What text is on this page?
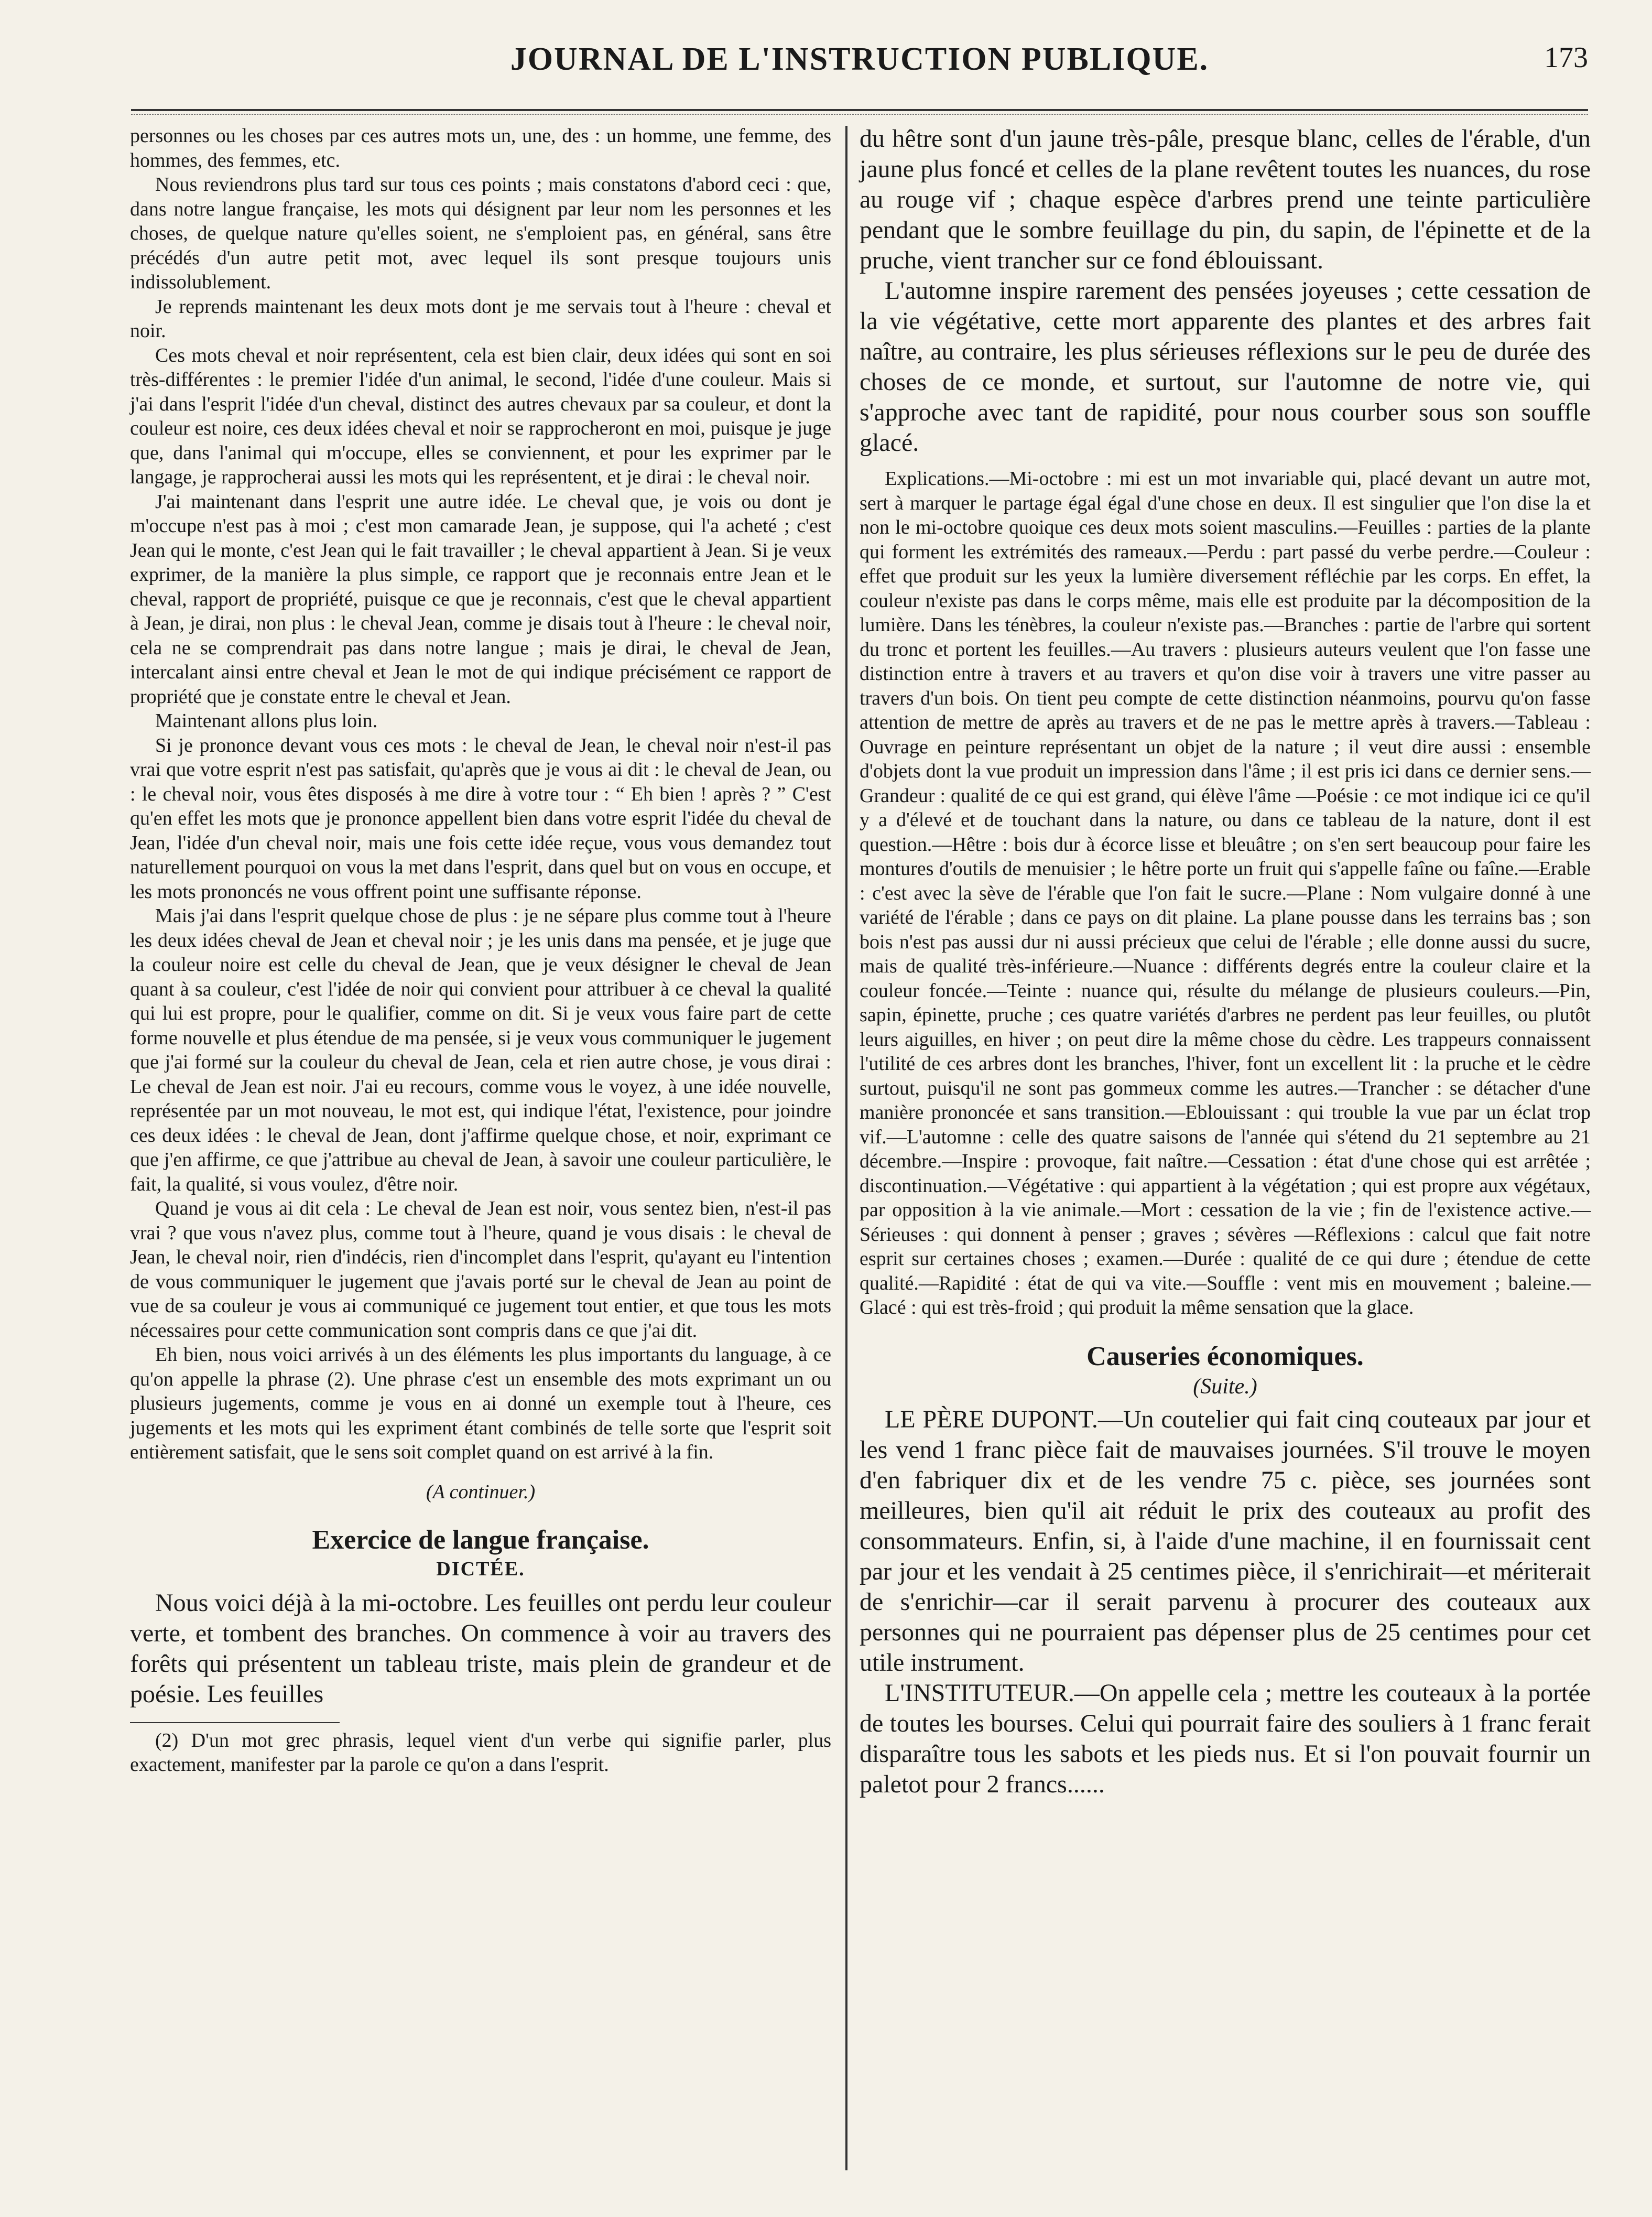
JOURNAL DE L'INSTRUCTION PUBLIQUE.	173

personnes ou les choses par ces autres mots un, une, des : un homme, une femme, des hommes, des femmes, etc.

Nous reviendrons plus tard sur tous ces points ; mais constatons d'abord ceci : que, dans notre langue française, les mots qui désignent par leur nom les personnes et les choses, de quelque nature qu'elles soient, ne s'emploient pas, en général, sans être précédés d'un autre petit mot, avec lequel ils sont presque toujours unis indissolublement.

Je reprends maintenant les deux mots dont je me servais tout à l'heure : cheval et noir.

Ces mots cheval et noir représentent, cela est bien clair, deux idées qui sont en soi très-différentes : le premier l'idée d'un animal, le second, l'idée d'une couleur. Mais si j'ai dans l'esprit l'idée d'un cheval, distinct des autres chevaux par sa couleur, et dont la couleur est noire, ces deux idées cheval et noir se rapprocheront en moi, puisque je juge que, dans l'animal qui m'occupe, elles se conviennent, et pour les exprimer par le langage, je rapprocherai aussi les mots qui les représentent, et je dirai : le cheval noir.

J'ai maintenant dans l'esprit une autre idée. Le cheval que, je vois ou dont je m'occupe n'est pas à moi ; c'est mon camarade Jean, je suppose, qui l'a acheté ; c'est Jean qui le monte, c'est Jean qui le fait travailler ; le cheval appartient à Jean. Si je veux exprimer, de la manière la plus simple, ce rapport que je reconnais entre Jean et le cheval, rapport de propriété, puisque ce que je reconnais, c'est que le cheval appartient à Jean, je dirai, non plus : le cheval Jean, comme je disais tout à l'heure : le cheval noir, cela ne se comprendrait pas dans notre langue ; mais je dirai, le cheval de Jean, intercalant ainsi entre cheval et Jean le mot de qui indique précisément ce rapport de propriété que je constate entre le cheval et Jean.

Maintenant allons plus loin.

Si je prononce devant vous ces mots : le cheval de Jean, le cheval noir n'est-il pas vrai que votre esprit n'est pas satisfait, qu'après que je vous ai dit : le cheval de Jean, ou : le cheval noir, vous êtes disposés à me dire à votre tour : “ Eh bien ! après ? ” C'est qu'en effet les mots que je prononce appellent bien dans votre esprit l'idée du cheval de Jean, l'idée d'un cheval noir, mais une fois cette idée reçue, vous vous demandez tout naturellement pourquoi on vous la met dans l'esprit, dans quel but on vous en occupe, et les mots prononcés ne vous offrent point une suffisante réponse.

Mais j'ai dans l'esprit quelque chose de plus : je ne sépare plus comme tout à l'heure les deux idées cheval de Jean et cheval noir ; je les unis dans ma pensée, et je juge que la couleur noire est celle du cheval de Jean, que je veux désigner le cheval de Jean quant à sa couleur, c'est l'idée de noir qui convient pour attribuer à ce cheval la qualité qui lui est propre, pour le qualifier, comme on dit. Si je veux vous faire part de cette forme nouvelle et plus étendue de ma pensée, si je veux vous communiquer le jugement que j'ai formé sur la couleur du cheval de Jean, cela et rien autre chose, je vous dirai : Le cheval de Jean est noir. J'ai eu recours, comme vous le voyez, à une idée nouvelle, représentée par un mot nouveau, le mot est, qui indique l'état, l'existence, pour joindre ces deux idées : le cheval de Jean, dont j'affirme quelque chose, et noir, exprimant ce que j'en affirme, ce que j'attribue au cheval de Jean, à savoir une couleur particulière, le fait, la qualité, si vous voulez, d'être noir.

Quand je vous ai dit cela : Le cheval de Jean est noir, vous sentez bien, n'est-il pas vrai ? que vous n'avez plus, comme tout à l'heure, quand je vous disais : le cheval de Jean, le cheval noir, rien d'indécis, rien d'incomplet dans l'esprit, qu'ayant eu l'intention de vous communiquer le jugement que j'avais porté sur le cheval de Jean au point de vue de sa couleur je vous ai communiqué ce jugement tout entier, et que tous les mots nécessaires pour cette communication sont compris dans ce que j'ai dit.

Eh bien, nous voici arrivés à un des éléments les plus importants du language, à ce qu'on appelle la phrase (2). Une phrase c'est un ensemble des mots exprimant un ou plusieurs jugements, comme je vous en ai donné un exemple tout à l'heure, ces jugements et les mots qui les expriment étant combinés de telle sorte que l'esprit soit entièrement satisfait, que le sens soit complet quand on est arrivé à la fin.

(A continuer.)

Exercice de langue française.
DICTÉE.

Nous voici déjà à la mi-octobre. Les feuilles ont perdu leur couleur verte, et tombent des branches. On commence à voir au travers des forêts qui présentent un tableau triste, mais plein de grandeur et de poésie. Les feuilles

(2) D'un mot grec phrasis, lequel vient d'un verbe qui signifie parler, plus exactement, manifester par la parole ce qu'on a dans l'esprit.

du hêtre sont d'un jaune très-pâle, presque blanc, celles de l'érable, d'un jaune plus foncé et celles de la plane revêtent toutes les nuances, du rose au rouge vif ; chaque espèce d'arbres prend une teinte particulière pendant que le sombre feuillage du pin, du sapin, de l'épinette et de la pruche, vient trancher sur ce fond éblouissant.

L'automne inspire rarement des pensées joyeuses ; cette cessation de la vie végétative, cette mort apparente des plantes et des arbres fait naître, au contraire, les plus sérieuses réflexions sur le peu de durée des choses de ce monde, et surtout, sur l'automne de notre vie, qui s'approche avec tant de rapidité, pour nous courber sous son souffle glacé.

Explications.—Mi-octobre : mi est un mot invariable qui, placé devant un autre mot, sert à marquer le partage égal égal d'une chose en deux. Il est singulier que l'on dise la et non le mi-octobre quoique ces deux mots soient masculins.—Feuilles : parties de la plante qui forment les extrémités des rameaux.—Perdu : part passé du verbe perdre.—Couleur : effet que produit sur les yeux la lumière diversement réfléchie par les corps. En effet, la couleur n'existe pas dans le corps même, mais elle est produite par la décomposition de la lumière. Dans les ténèbres, la couleur n'existe pas.—Branches : partie de l'arbre qui sortent du tronc et portent les feuilles.—Au travers : plusieurs auteurs veulent que l'on fasse une distinction entre à travers et au travers et qu'on dise voir à travers une vitre passer au travers d'un bois. On tient peu compte de cette distinction néanmoins, pourvu qu'on fasse attention de mettre de après au travers et de ne pas le mettre après à travers.—Tableau : Ouvrage en peinture représentant un objet de la nature ; il veut dire aussi : ensemble d'objets dont la vue produit un impression dans l'âme ; il est pris ici dans ce dernier sens.—Grandeur : qualité de ce qui est grand, qui élève l'âme —Poésie : ce mot indique ici ce qu'il y a d'élevé et de touchant dans la nature, ou dans ce tableau de la nature, dont il est question.—Hêtre : bois dur à écorce lisse et bleuâtre ; on s'en sert beaucoup pour faire les montures d'outils de menuisier ; le hêtre porte un fruit qui s'appelle faîne ou faîne.—Erable : c'est avec la sève de l'érable que l'on fait le sucre.—Plane : Nom vulgaire donné à une variété de l'érable ; dans ce pays on dit plaine. La plane pousse dans les terrains bas ; son bois n'est pas aussi dur ni aussi précieux que celui de l'érable ; elle donne aussi du sucre, mais de qualité très-inférieure.—Nuance : différents degrés entre la couleur claire et la couleur foncée.—Teinte : nuance qui, résulte du mélange de plusieurs couleurs.—Pin, sapin, épinette, pruche ; ces quatre variétés d'arbres ne perdent pas leur feuilles, ou plutôt leurs aiguilles, en hiver ; on peut dire la même chose du cèdre. Les trappeurs connaissent l'utilité de ces arbres dont les branches, l'hiver, font un excellent lit : la pruche et le cèdre surtout, puisqu'il ne sont pas gommeux comme les autres.—Trancher : se détacher d'une manière prononcée et sans transition.—Eblouissant : qui trouble la vue par un éclat trop vif.—L'automne : celle des quatre saisons de l'année qui s'étend du 21 septembre au 21 décembre.—Inspire : provoque, fait naître.—Cessation : état d'une chose qui est arrêtée ; discontinuation.—Végétative : qui appartient à la végétation ; qui est propre aux végétaux, par opposition à la vie animale.—Mort : cessation de la vie ; fin de l'existence active.—Sérieuses : qui donnent à penser ; graves ; sévères —Réflexions : calcul que fait notre esprit sur certaines choses ; examen.—Durée : qualité de ce qui dure ; étendue de cette qualité.—Rapidité : état de qui va vite.—Souffle : vent mis en mouvement ; baleine.—Glacé : qui est très-froid ; qui produit la même sensation que la glace.

Causeries économiques.
(Suite.)

LE PÈRE DUPONT.—Un coutelier qui fait cinq couteaux par jour et les vend 1 franc pièce fait de mauvaises journées. S'il trouve le moyen d'en fabriquer dix et de les vendre 75 c. pièce, ses journées sont meilleures, bien qu'il ait réduit le prix des couteaux au profit des consommateurs. Enfin, si, à l'aide d'une machine, il en fournissait cent par jour et les vendait à 25 centimes pièce, il s'enrichirait—et mériterait de s'enrichir—car il serait parvenu à procurer des couteaux aux personnes qui ne pourraient pas dépenser plus de 25 centimes pour cet utile instrument.

L'INSTITUTEUR.—On appelle cela ; mettre les couteaux à la portée de toutes les bourses. Celui qui pourrait faire des souliers à 1 franc ferait disparaître tous les sabots et les pieds nus. Et si l'on pouvait fournir un paletot pour 2 francs......
